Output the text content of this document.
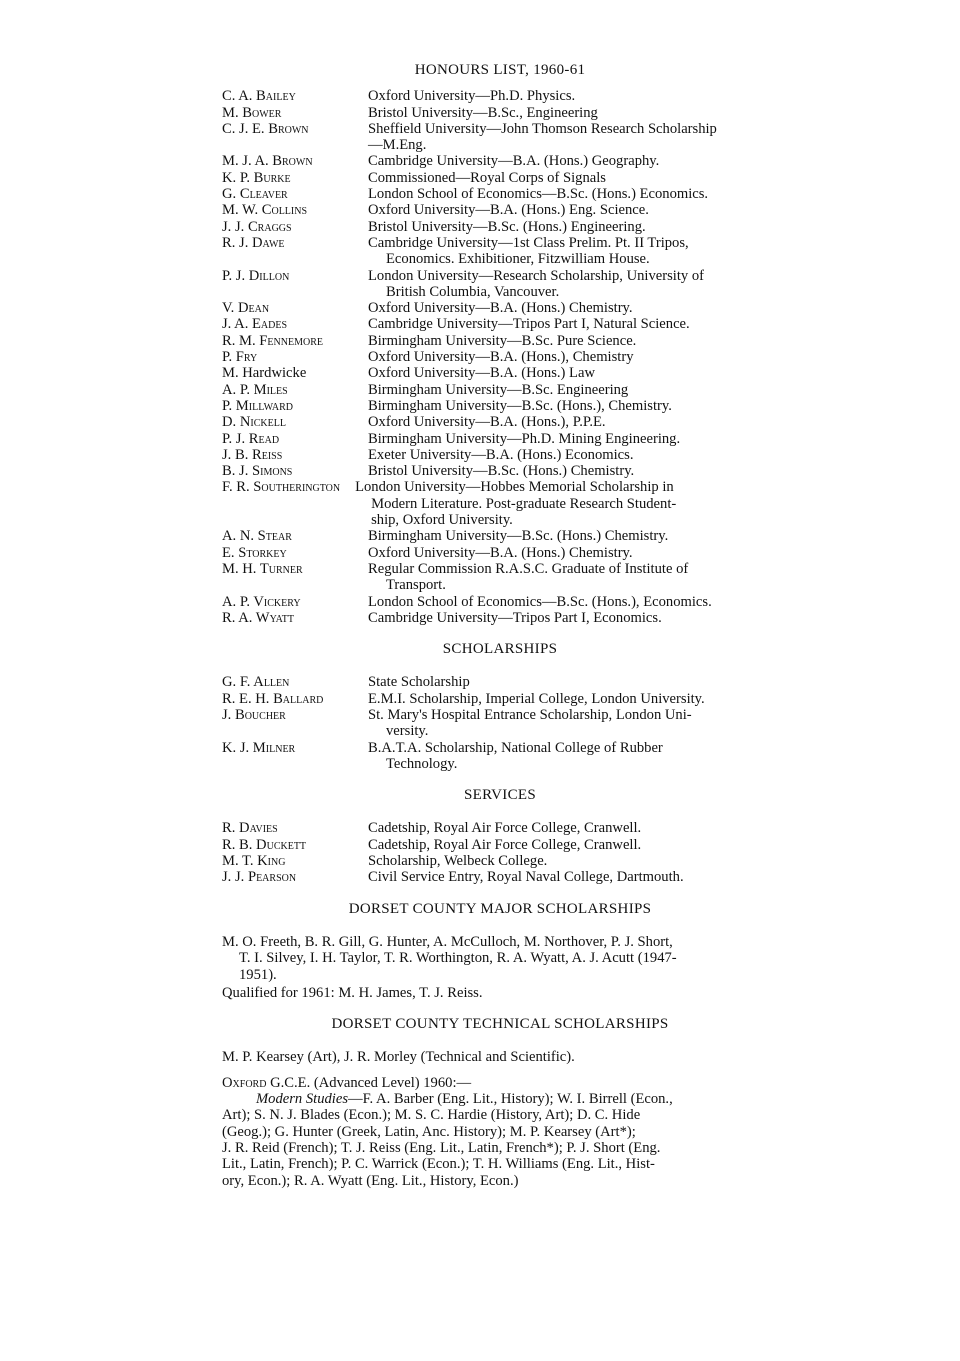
HONOURS LIST, 1960-61
C. A. Bailey	Oxford University—Ph.D. Physics.
M. Bower	Bristol University—B.Sc., Engineering
C. J. E. Brown	Sheffield University—John Thomson Research Scholarship
—M.Eng.
M. J. A. Brown	Cambridge University—B.A. (Hons.) Geography.
K. P. Burke	Commissioned—Royal Corps of Signals
G. Cleaver	London School of Economics—B.Sc. (Hons.) Economics.
M. W. Collins	Oxford University—B.A. (Hons.) Eng. Science.
J. J. Craggs	Bristol University—B.Sc. (Hons.) Engineering.
R. J. Dawe	Cambridge University—1st Class Prelim. Pt. II Tripos,
Economics. Exhibitioner, Fitzwilliam House.
P. J. Dillon	London University—Research Scholarship, University of
British Columbia, Vancouver.
V. Dean	Oxford University—B.A. (Hons.) Chemistry.
J. A. Eades	Cambridge University—Tripos Part I, Natural Science.
R. M. Fennemore	Birmingham University—B.Sc. Pure Science.
P. Fry	Oxford University—B.A. (Hons.), Chemistry
M. Hardwicke	Oxford University—B.A. (Hons.) Law
A. P. Miles	Birmingham University—B.Sc. Engineering
P. Millward	Birmingham University—B.Sc. (Hons.), Chemistry.
D. Nickell	Oxford University—B.A. (Hons.), P.P.E.
P. J. Read	Birmingham University—Ph.D. Mining Engineering.
J. B. Reiss	Exeter University—B.A. (Hons.) Economics.
B. J. Simons	Bristol University—B.Sc. (Hons.) Chemistry.
F. R. Southerington	London University—Hobbes Memorial Scholarship in
Modern Literature. Post-graduate Research Student-
ship, Oxford University.
A. N. Stear	Birmingham University—B.Sc. (Hons.) Chemistry.
E. Storkey	Oxford University—B.A. (Hons.) Chemistry.
M. H. Turner	Regular Commission R.A.S.C. Graduate of Institute of
Transport.
A. P. Vickery	London School of Economics—B.Sc. (Hons.), Economics.
R. A. Wyatt	Cambridge University—Tripos Part I, Economics.
SCHOLARSHIPS
G. F. Allen	State Scholarship
R. E. H. Ballard	E.M.I. Scholarship, Imperial College, London University.
J. Boucher	St. Mary's Hospital Entrance Scholarship, London Uni-
versity.
K. J. Milner	B.A.T.A. Scholarship, National College of Rubber
Technology.
SERVICES
R. Davies	Cadetship, Royal Air Force College, Cranwell.
R. B. Duckett	Cadetship, Royal Air Force College, Cranwell.
M. T. King	Scholarship, Welbeck College.
J. J. Pearson	Civil Service Entry, Royal Naval College, Dartmouth.
DORSET COUNTY MAJOR SCHOLARSHIPS
M. O. Freeth, B. R. Gill, G. Hunter, A. McCulloch, M. Northover, P. J. Short,
T. I. Silvey, I. H. Taylor, T. R. Worthington, R. A. Wyatt, A. J. Acutt (1947-
1951).
Qualified for 1961: M. H. James, T. J. Reiss.
DORSET COUNTY TECHNICAL SCHOLARSHIPS
M. P. Kearsey (Art), J. R. Morley (Technical and Scientific).
Oxford G.C.E. (Advanced Level) 1960:—
Modern Studies—F. A. Barber (Eng. Lit., History); W. I. Birrell (Econ.,
Art); S. N. J. Blades (Econ.); M. S. C. Hardie (History, Art); D. C. Hide
(Geog.); G. Hunter (Greek, Latin, Anc. History); M. P. Kearsey (Art*);
J. R. Reid (French); T. J. Reiss (Eng. Lit., Latin, French*); P. J. Short (Eng.
Lit., Latin, French); P. C. Warrick (Econ.); T. H. Williams (Eng. Lit., Hist-
ory, Econ.); R. A. Wyatt (Eng. Lit., History, Econ.)
